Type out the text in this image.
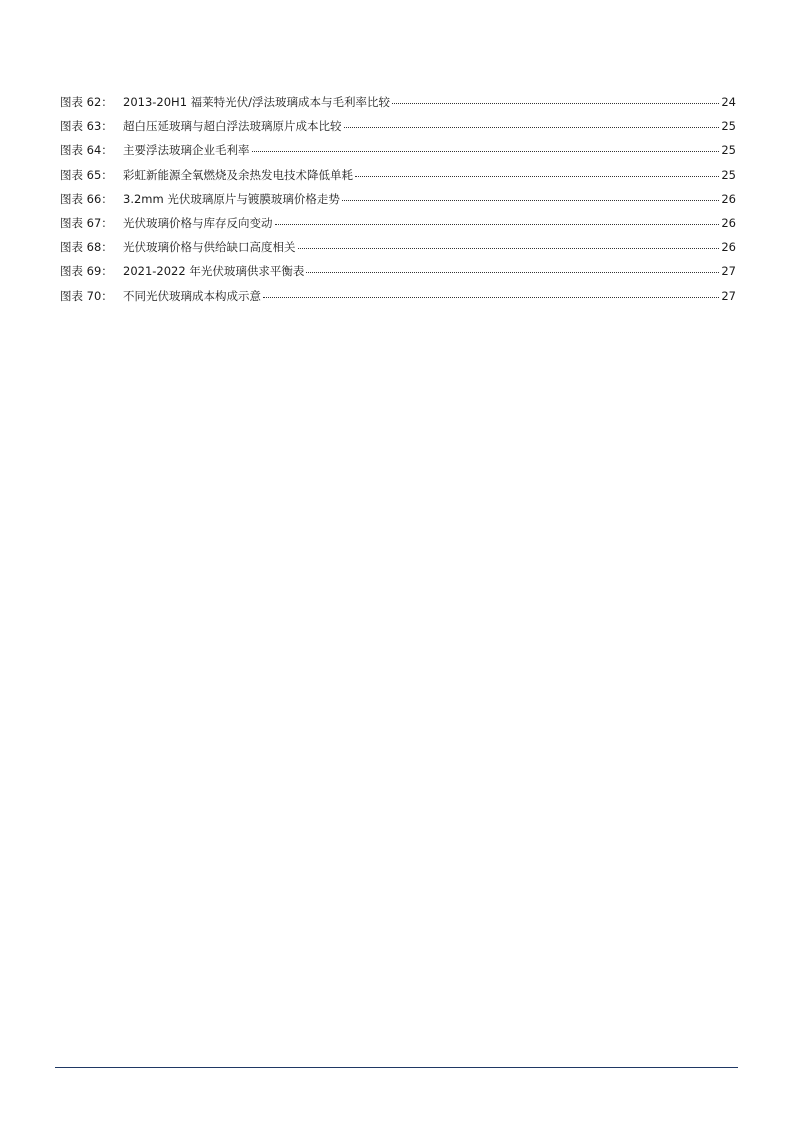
图表 62： 2013-20H1 福莱特光伏/浮法玻璃成本与毛利率比较	24
图表 63： 超白压延玻璃与超白浮法玻璃原片成本比较	25
图表 64： 主要浮法玻璃企业毛利率	25
图表 65： 彩虹新能源全氧燃烧及余热发电技术降低单耗	25
图表 66： 3.2mm 光伏玻璃原片与镀膜玻璃价格走势	26
图表 67： 光伏玻璃价格与库存反向变动	26
图表 68： 光伏玻璃价格与供给缺口高度相关	26
图表 69： 2021-2022 年光伏玻璃供求平衡表	27
图表 70： 不同光伏玻璃成本构成示意	27
